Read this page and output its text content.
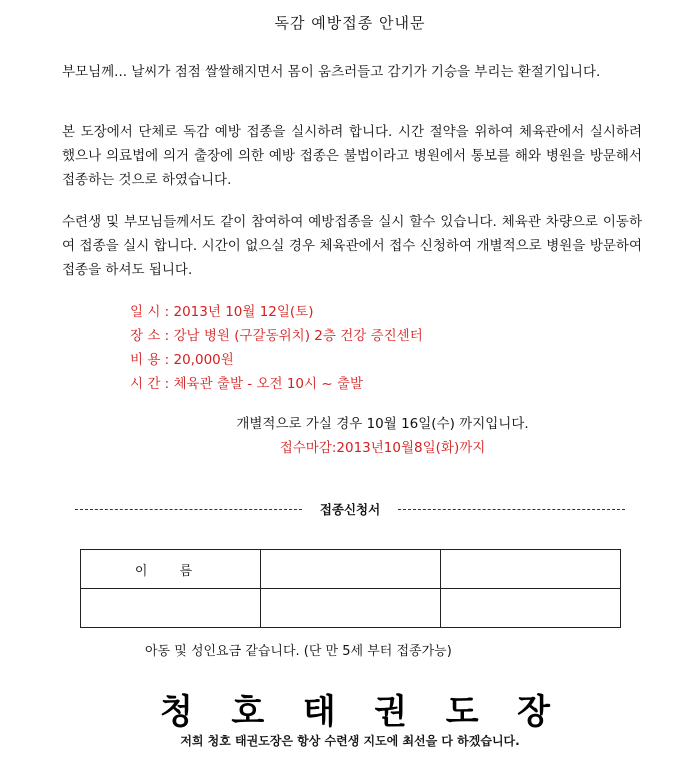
독감 예방접종 안내문
부모님께... 날씨가 점점 쌀쌀해지면서 몸이 움츠러들고 감기가 기승을 부리는 환절기입니다.
본 도장에서 단체로 독감 예방 접종을 실시하려 합니다. 시간 절약을 위하여 체육관에서 실시하려 했으나 의료법에 의거 출장에 의한 예방 접종은 불법이라고 병원에서 통보를 해와 병원을 방문해서 접종하는 것으로 하였습니다.
수련생 및 부모님들께서도 같이 참여하여 예방접종을 실시 할수 있습니다. 체육관 차량으로 이동하여 접종을 실시 합니다. 시간이 없으실 경우 체육관에서 접수 신청하여 개별적으로 병원을 방문하여 접종을 하셔도 됩니다.
일 시 : 2013년 10월 12일(토)
장 소 : 강남 병원 (구갈동위치) 2층 건강 증진센터
비 용 : 20,000원
시 간 : 체육관 출발 - 오전 10시 ~ 출발
개별적으로 가실 경우 10월 16일(수) 까지입니다.
접수마감:2013년10월8일(화)까지
접종신청서
이 름		

아동 및 성인요금 같습니다. (단 만 5세 부터 접종가능)
청 호 태 권 도 장
저희 청호 태권도장은 항상 수련생 지도에 최선을 다 하겠습니다.
